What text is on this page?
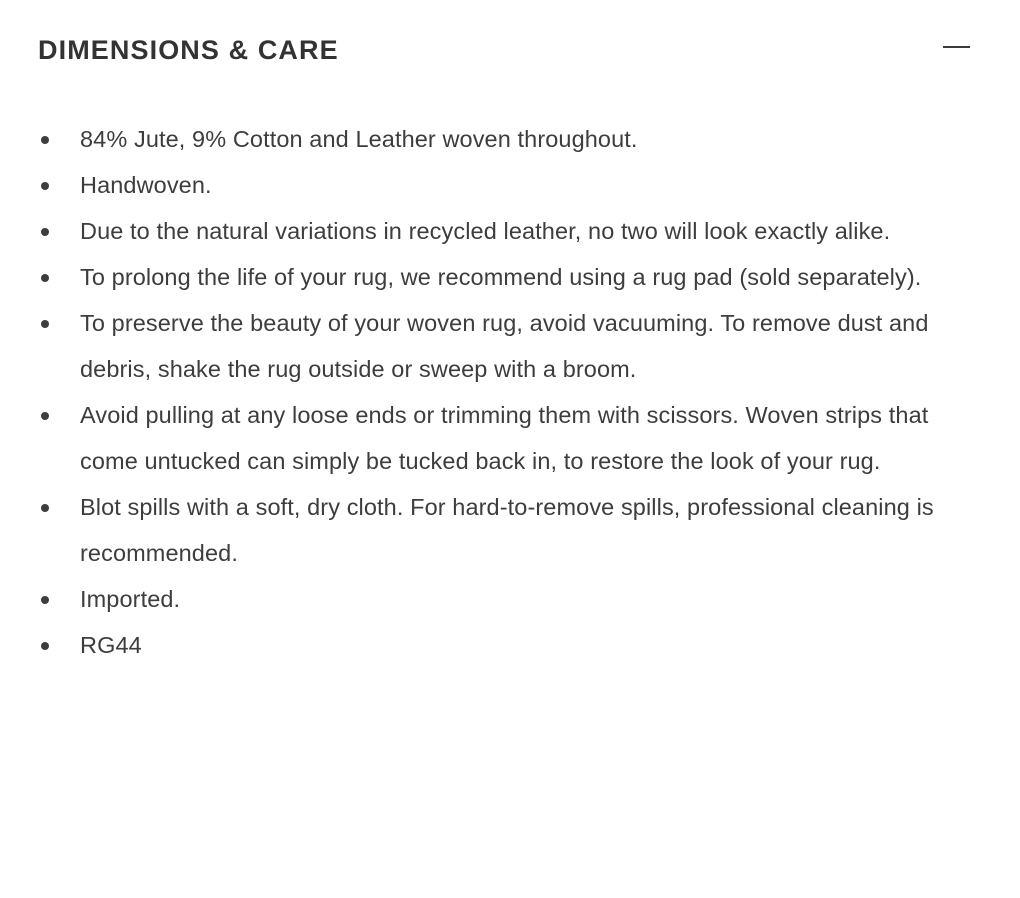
DIMENSIONS & CARE
84% Jute, 9% Cotton and Leather woven throughout.
Handwoven.
Due to the natural variations in recycled leather, no two will look exactly alike.
To prolong the life of your rug, we recommend using a rug pad (sold separately).
To preserve the beauty of your woven rug, avoid vacuuming. To remove dust and debris, shake the rug outside or sweep with a broom.
Avoid pulling at any loose ends or trimming them with scissors. Woven strips that come untucked can simply be tucked back in, to restore the look of your rug.
Blot spills with a soft, dry cloth. For hard-to-remove spills, professional cleaning is recommended.
Imported.
RG44
